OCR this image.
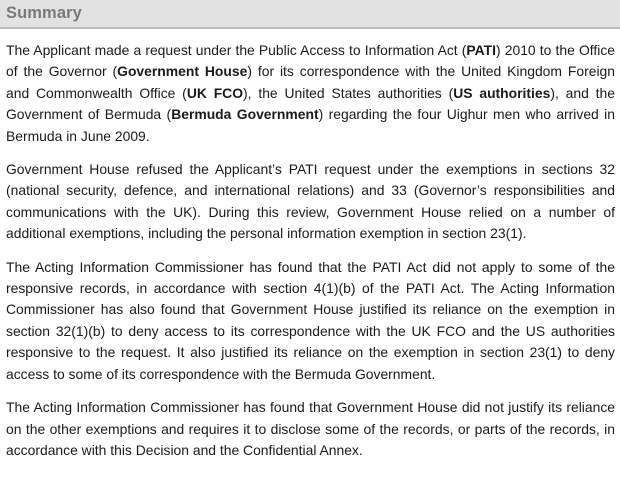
Summary

The Applicant made a request under the Public Access to Information Act (PATI) 2010 to the Office of the Governor (Government House) for its correspondence with the United Kingdom Foreign and Commonwealth Office (UK FCO), the United States authorities (US authorities), and the Government of Bermuda (Bermuda Government) regarding the four Uighur men who arrived in Bermuda in June 2009.

Government House refused the Applicant’s PATI request under the exemptions in sections 32 (national security, defence, and international relations) and 33 (Governor’s responsibilities and communications with the UK). During this review, Government House relied on a number of additional exemptions, including the personal information exemption in section 23(1).

The Acting Information Commissioner has found that the PATI Act did not apply to some of the responsive records, in accordance with section 4(1)(b) of the PATI Act. The Acting Information Commissioner has also found that Government House justified its reliance on the exemption in section 32(1)(b) to deny access to its correspondence with the UK FCO and the US authorities responsive to the request. It also justified its reliance on the exemption in section 23(1) to deny access to some of its correspondence with the Bermuda Government.

The Acting Information Commissioner has found that Government House did not justify its reliance on the other exemptions and requires it to disclose some of the records, or parts of the records, in accordance with this Decision and the Confidential Annex.
